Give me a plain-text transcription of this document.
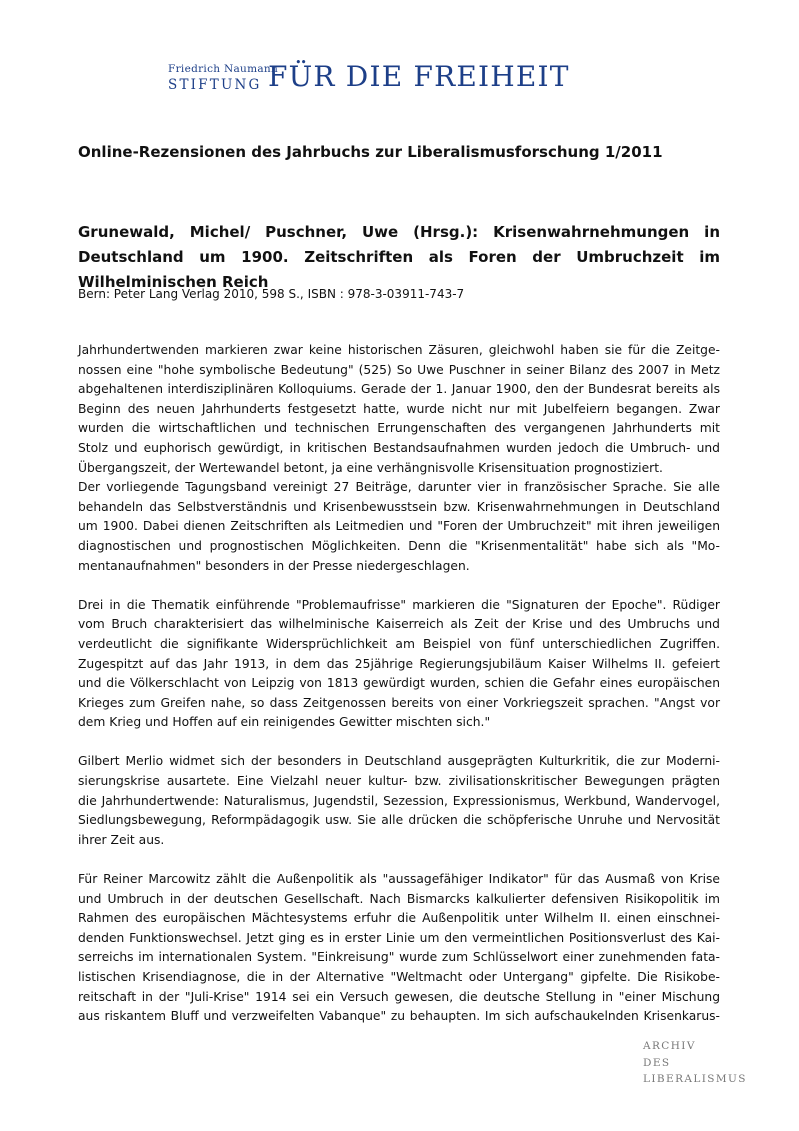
Friedrich Naumann
STIFTUNG FÜR DIE FREIHEIT
Online-Rezensionen des Jahrbuchs zur Liberalismusforschung 1/2011
Grunewald, Michel/ Puschner, Uwe (Hrsg.): Krisenwahrnehmungen in Deutschland um 1900. Zeitschriften als Foren der Umbruchzeit im Wilhelminischen Reich
Bern: Peter Lang Verlag 2010, 598 S., ISBN : 978-3-03911-743-7

Jahrhundertwenden markieren zwar keine historischen Zäsuren, gleichwohl haben sie für die Zeitge-
nossen eine "hohe symbolische Bedeutung" (525) So Uwe Puschner in seiner Bilanz des 2007 in Metz
abgehaltenen interdisziplinären Kolloquiums. Gerade der 1. Januar 1900, den der Bundesrat bereits als
Beginn des neuen Jahrhunderts festgesetzt hatte, wurde nicht nur mit Jubelfeiern begangen. Zwar
wurden die wirtschaftlichen und technischen Errungenschaften des vergangenen Jahrhunderts mit
Stolz und euphorisch gewürdigt, in kritischen Bestandsaufnahmen wurden jedoch die Umbruch- und
Übergangszeit, der Wertewandel betont, ja eine verhängnisvolle Krisensituation prognostiziert.

Der vorliegende Tagungsband vereinigt 27 Beiträge, darunter vier in französischer Sprache. Sie alle
behandeln das Selbstverständnis und Krisenbewusstsein bzw. Krisenwahrnehmungen in Deutschland
um 1900. Dabei dienen Zeitschriften als Leitmedien und "Foren der Umbruchzeit" mit ihren jeweiligen
diagnostischen und prognostischen Möglichkeiten. Denn die "Krisenmentalität" habe sich als "Mo-
mentanaufnahmen" besonders in der Presse niedergeschlagen.

Drei in die Thematik einführende "Problemaufrisse" markieren die "Signaturen der Epoche". Rüdiger
vom Bruch charakterisiert das wilhelminische Kaiserreich als Zeit der Krise und des Umbruchs und
verdeutlicht die signifikante Widersprüchlichkeit am Beispiel von fünf unterschiedlichen Zugriffen.
Zugespitzt auf das Jahr 1913, in dem das 25jährige Regierungsjubiläum Kaiser Wilhelms II. gefeiert
und die Völkerschlacht von Leipzig von 1813 gewürdigt wurden, schien die Gefahr eines europäischen
Krieges zum Greifen nahe, so dass Zeitgenossen bereits von einer Vorkriegszeit sprachen. "Angst vor
dem Krieg und Hoffen auf ein reinigendes Gewitter mischten sich."

Gilbert Merlio widmet sich der besonders in Deutschland ausgeprägten Kulturkritik, die zur Moderni-
sierungskrise ausartete. Eine Vielzahl neuer kultur- bzw. zivilisationskritischer Bewegungen prägten
die Jahrhundertwende: Naturalismus, Jugendstil, Sezession, Expressionismus, Werkbund, Wandervogel,
Siedlungsbewegung, Reformpädagogik usw. Sie alle drücken die schöpferische Unruhe und Nervosität
ihrer Zeit aus.

Für Reiner Marcowitz zählt die Außenpolitik als "aussagefähiger Indikator" für das Ausmaß von Krise
und Umbruch in der deutschen Gesellschaft. Nach Bismarcks kalkulierter defensiven Risikopolitik im
Rahmen des europäischen Mächtesystems erfuhr die Außenpolitik unter Wilhelm II. einen einschnei-
denden Funktionswechsel. Jetzt ging es in erster Linie um den vermeintlichen Positionsverlust des Kai-
serreichs im internationalen System. "Einkreisung" wurde zum Schlüsselwort einer zunehmenden fata-
listischen Krisendiagnose, die in der Alternative "Weltmacht oder Untergang" gipfelte. Die Risikobe-
reitschaft in der "Juli-Krise" 1914 sei ein Versuch gewesen, die deutsche Stellung in "einer Mischung
aus riskantem Bluff und verzweifelten Vabanque" zu behaupten. Im sich aufschaukelnden Krisenkarus-

ARCHIV
DES
LIBERALISMUS
